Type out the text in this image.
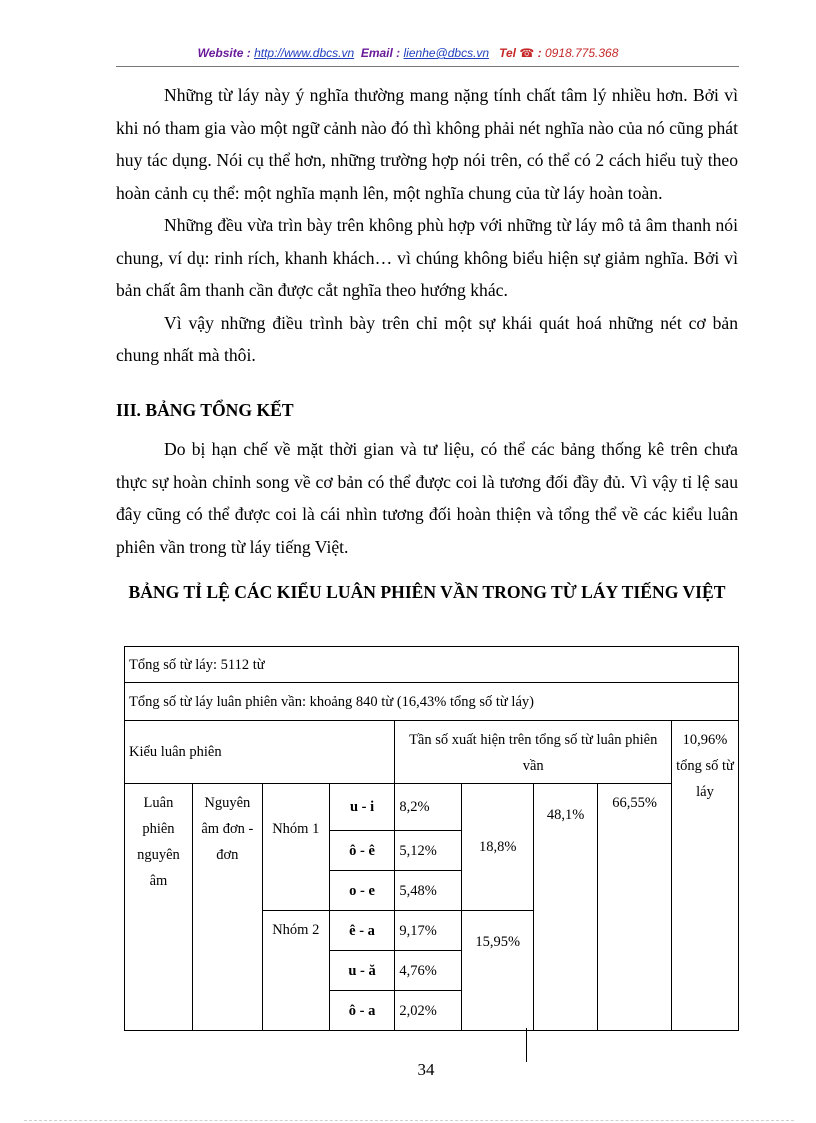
Website : http://www.dbcs.vn Email : lienhe@dbcs.vn Tel ☎ : 0918.775.368

Những từ láy này ý nghĩa thường mang nặng tính chất tâm lý nhiều hơn. Bởi vì khi nó tham gia vào một ngữ cảnh nào đó thì không phải nét nghĩa nào của nó cũng phát huy tác dụng. Nói cụ thể hơn, những trường hợp nói trên, có thể có 2 cách hiểu tuỳ theo hoàn cảnh cụ thể: một nghĩa mạnh lên, một nghĩa chung của từ láy hoàn toàn.

Những đều vừa trìn bày trên không phù hợp với những từ láy mô tả âm thanh nói chung, ví dụ: rinh rích, khanh khách… vì chúng không biểu hiện sự giảm nghĩa. Bởi vì bản chất âm thanh cần được cắt nghĩa theo hướng khác.

Vì vậy những điều trình bày trên chỉ một sự khái quát hoá những nét cơ bản chung nhất mà thôi.

III. BẢNG TỔNG KẾT

Do bị hạn chế về mặt thời gian và tư liệu, có thể các bảng thống kê trên chưa thực sự hoàn chỉnh song về cơ bản có thể được coi là tương đối đầy đủ. Vì vậy tỉ lệ sau đây cũng có thể được coi là cái nhìn tương đối hoàn thiện và tổng thể về các kiểu luân phiên vần trong từ láy tiếng Việt.

BẢNG TỈ LỆ CÁC KIỂU LUÂN PHIÊN VẦN TRONG TỪ LÁY TIẾNG VIỆT
Tổng số từ láy: 5112 từ								
Tổng số từ láy luân phiên vần: khoảng 840 từ (16,43% tổng số từ láy)								
Kiểu luân phiên				Tần số xuất hiện trên tổng số từ luân phiên vần				10,96% tổng số từ láy
Luân phiên nguyên âm	Nguyên âm đơn - đơn	Nhóm 1	u - i	8,2%	18,8%	48,1%	66,55%	
			ô - ê	5,12%				
			o - e	5,48%				
		Nhóm 2	ê - a	9,17%	15,95%			
			u - ă	4,76%				
			ô - a	2,02%				
34
